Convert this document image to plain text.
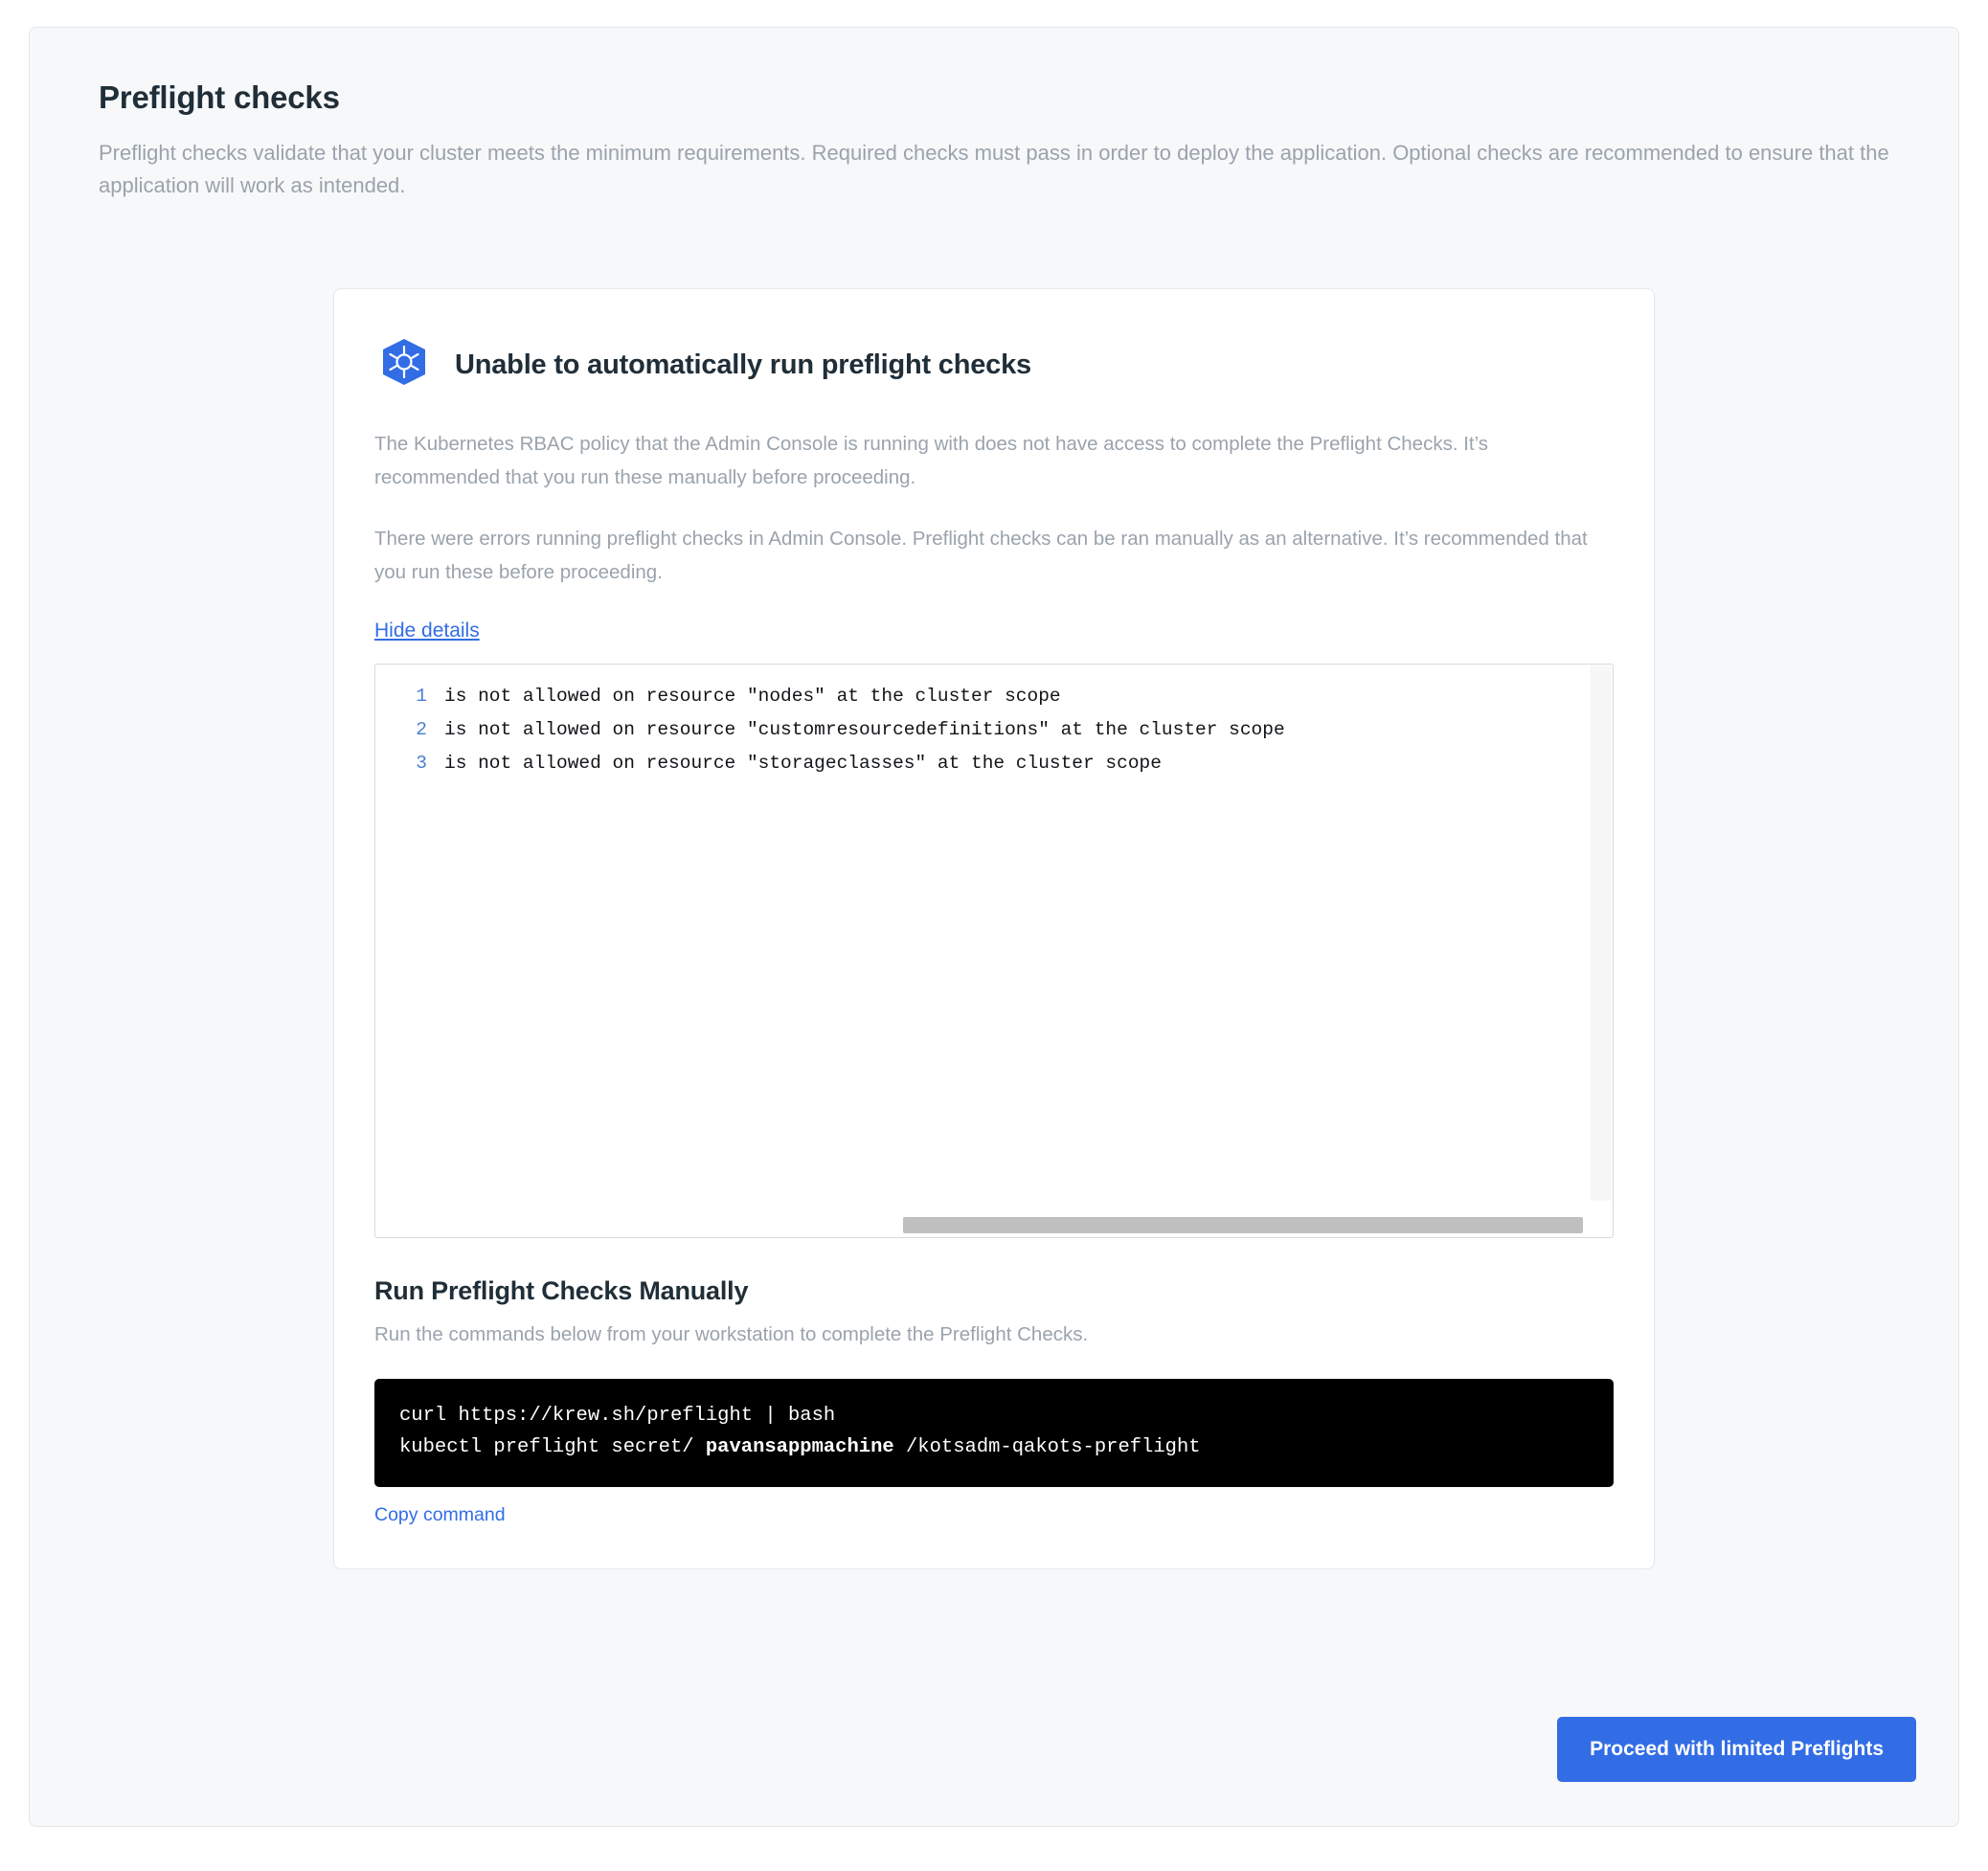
Preflight checks

Preflight checks validate that your cluster meets the minimum requirements. Required checks must pass in order to deploy the application. Optional checks are recommended to ensure that the application will work as intended.

Unable to automatically run preflight checks

The Kubernetes RBAC policy that the Admin Console is running with does not have access to complete the Preflight Checks. It’s recommended that you run these manually before proceeding.

There were errors running preflight checks in Admin Console. Preflight checks can be ran manually as an alternative. It’s recommended that you run these before proceeding.

Hide details
1 is not allowed on resource "nodes" at the cluster scope
2 is not allowed on resource "customresourcedefinitions" at the cluster scope
3 is not allowed on resource "storageclasses" at the cluster scope
Run Preflight Checks Manually

Run the commands below from your workstation to complete the Preflight Checks.

curl https://krew.sh/preflight | bash
kubectl preflight secret/ pavansappmachine /kotsadm-qakots-preflight
Copy command
Proceed with limited Preflights
